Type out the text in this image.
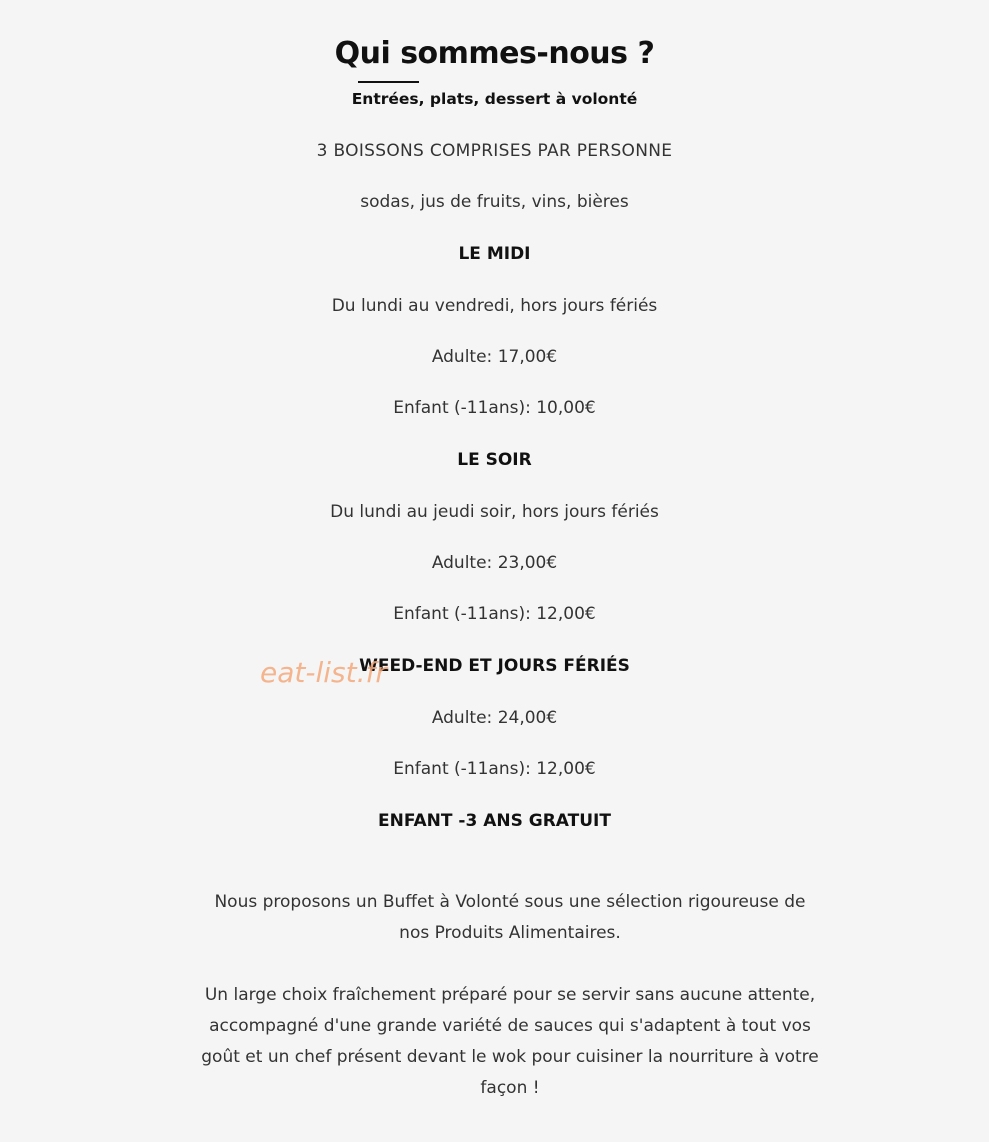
Qui sommes-nous ?
Entrées, plats, dessert à volonté
3 BOISSONS COMPRISES PAR PERSONNE
sodas, jus de fruits, vins, bières
LE MIDI
Du lundi au vendredi, hors jours fériés
Adulte: 17,00€
Enfant (-11ans): 10,00€
LE SOIR
Du lundi au jeudi soir, hors jours fériés
Adulte: 23,00€
Enfant (-11ans): 12,00€
WEED-END ET JOURS FÉRIÉS
Adulte: 24,00€
Enfant (-11ans): 12,00€
ENFANT -3 ANS GRATUIT
Nous proposons un Buffet à Volonté sous une sélection rigoureuse de nos Produits Alimentaires.
Un large choix fraîchement préparé pour se servir sans aucune attente, accompagné d'une grande variété de sauces qui s'adaptent à tout vos goût et un chef présent devant le wok pour cuisiner la nourriture à votre façon !
eat-list.fr
